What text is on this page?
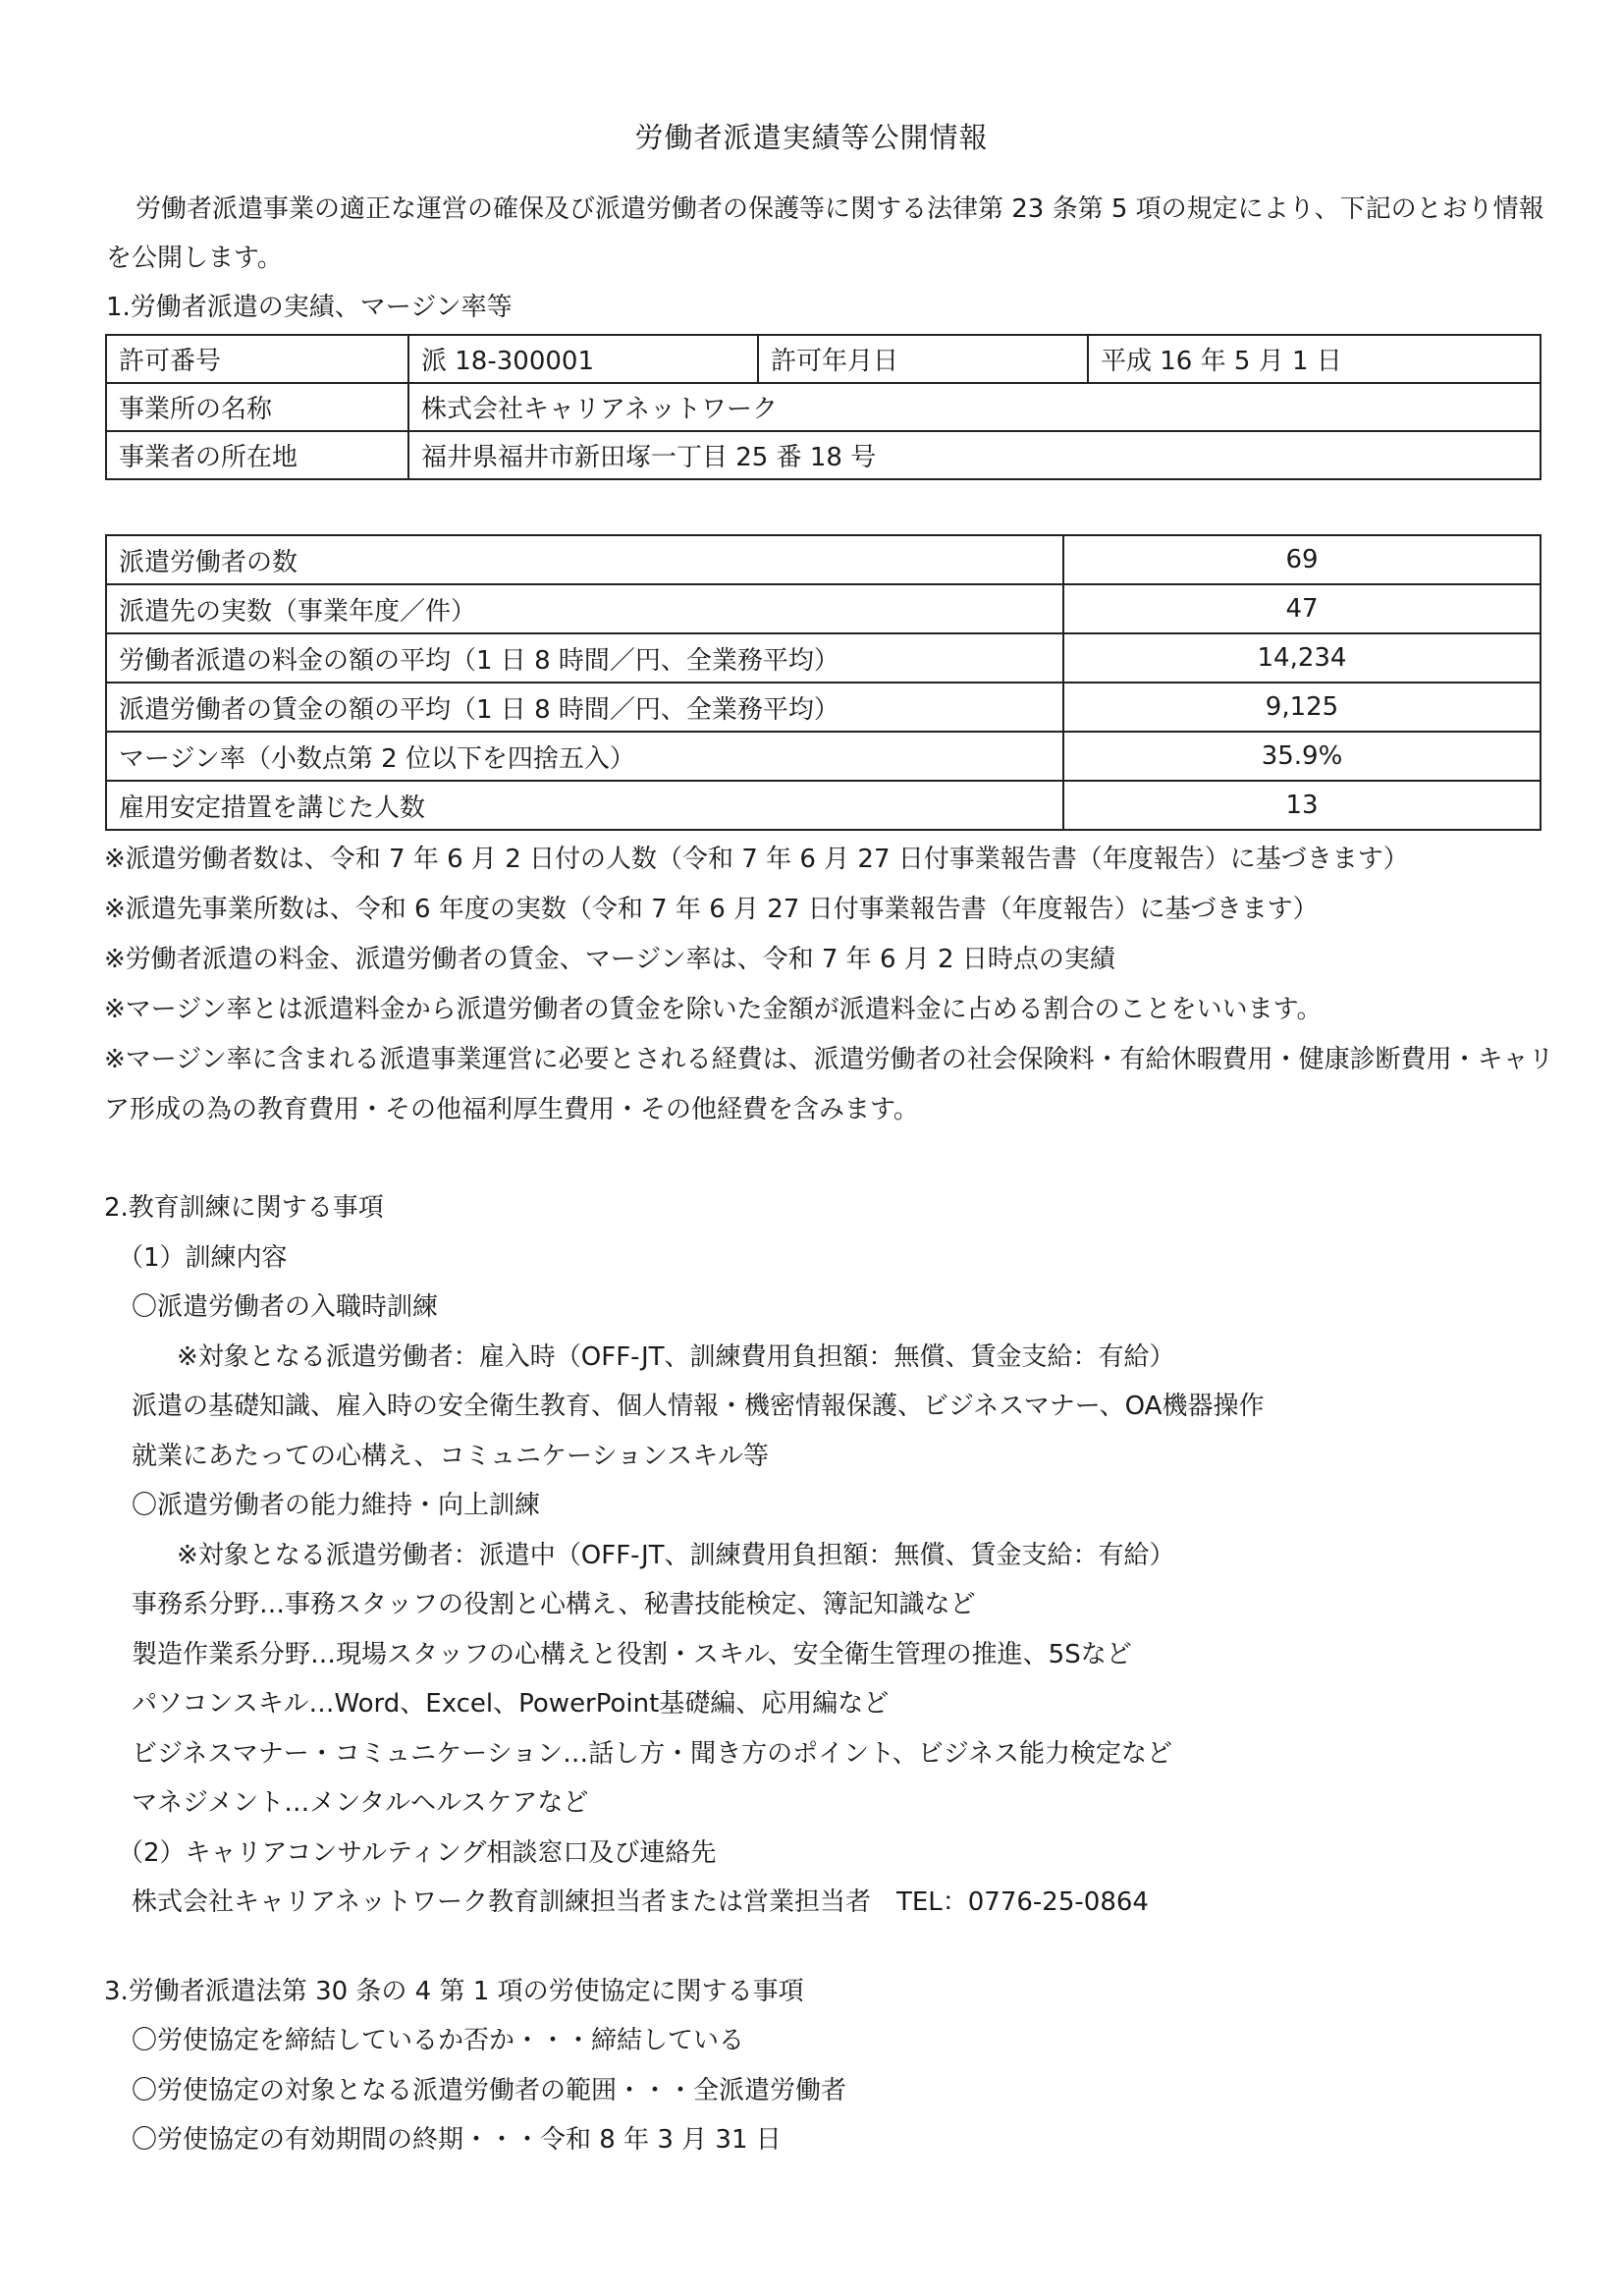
労働者派遣実績等公開情報
労働者派遣事業の適正な運営の確保及び派遣労働者の保護等に関する法律第 23 条第 5 項の規定により、下記のとおり情報を公開します。
1.労働者派遣の実績、マージン率等
許可番号	派 18-300001	許可年月日	平成 16 年 5 月 1 日
事業所の名称	株式会社キャリアネットワーク		
事業者の所在地	福井県福井市新田塚一丁目 25 番 18 号		
派遣労働者の数	69
派遣先の実数（事業年度／件）	47
労働者派遣の料金の額の平均（1 日 8 時間／円、全業務平均）	14,234
派遣労働者の賃金の額の平均（1 日 8 時間／円、全業務平均）	9,125
マージン率（小数点第 2 位以下を四捨五入）	35.9%
雇用安定措置を講じた人数	13

※派遣労働者数は、令和 7 年 6 月 2 日付の人数（令和 7 年 6 月 27 日付事業報告書（年度報告）に基づきます）

※派遣先事業所数は、令和 6 年度の実数（令和 7 年 6 月 27 日付事業報告書（年度報告）に基づきます）

※労働者派遣の料金、派遣労働者の賃金、マージン率は、令和 7 年 6 月 2 日時点の実績

※マージン率とは派遣料金から派遣労働者の賃金を除いた金額が派遣料金に占める割合のことをいいます。

※マージン率に含まれる派遣事業運営に必要とされる経費は、派遣労働者の社会保険料・有給休暇費用・健康診断費用・キャリア形成の為の教育費用・その他福利厚生費用・その他経費を含みます。

2.教育訓練に関する事項

（1）訓練内容

〇派遣労働者の入職時訓練

※対象となる派遣労働者：雇入時（OFF-JT、訓練費用負担額：無償、賃金支給：有給）

派遣の基礎知識、雇入時の安全衛生教育、個人情報・機密情報保護、ビジネスマナー、OA機器操作

就業にあたっての心構え、コミュニケーションスキル等

〇派遣労働者の能力維持・向上訓練

※対象となる派遣労働者：派遣中（OFF-JT、訓練費用負担額：無償、賃金支給：有給）

事務系分野…事務スタッフの役割と心構え、秘書技能検定、簿記知識など

製造作業系分野…現場スタッフの心構えと役割・スキル、安全衛生管理の推進、5Sなど

パソコンスキル…Word、Excel、PowerPoint基礎編、応用編など

ビジネスマナー・コミュニケーション…話し方・聞き方のポイント、ビジネス能力検定など

マネジメント…メンタルヘルスケアなど

（2）キャリアコンサルティング相談窓口及び連絡先

株式会社キャリアネットワーク教育訓練担当者または営業担当者　TEL：0776-25-0864

3.労働者派遣法第 30 条の 4 第 1 項の労使協定に関する事項

〇労使協定を締結しているか否か・・・締結している

〇労使協定の対象となる派遣労働者の範囲・・・全派遣労働者

〇労使協定の有効期間の終期・・・令和 8 年 3 月 31 日
